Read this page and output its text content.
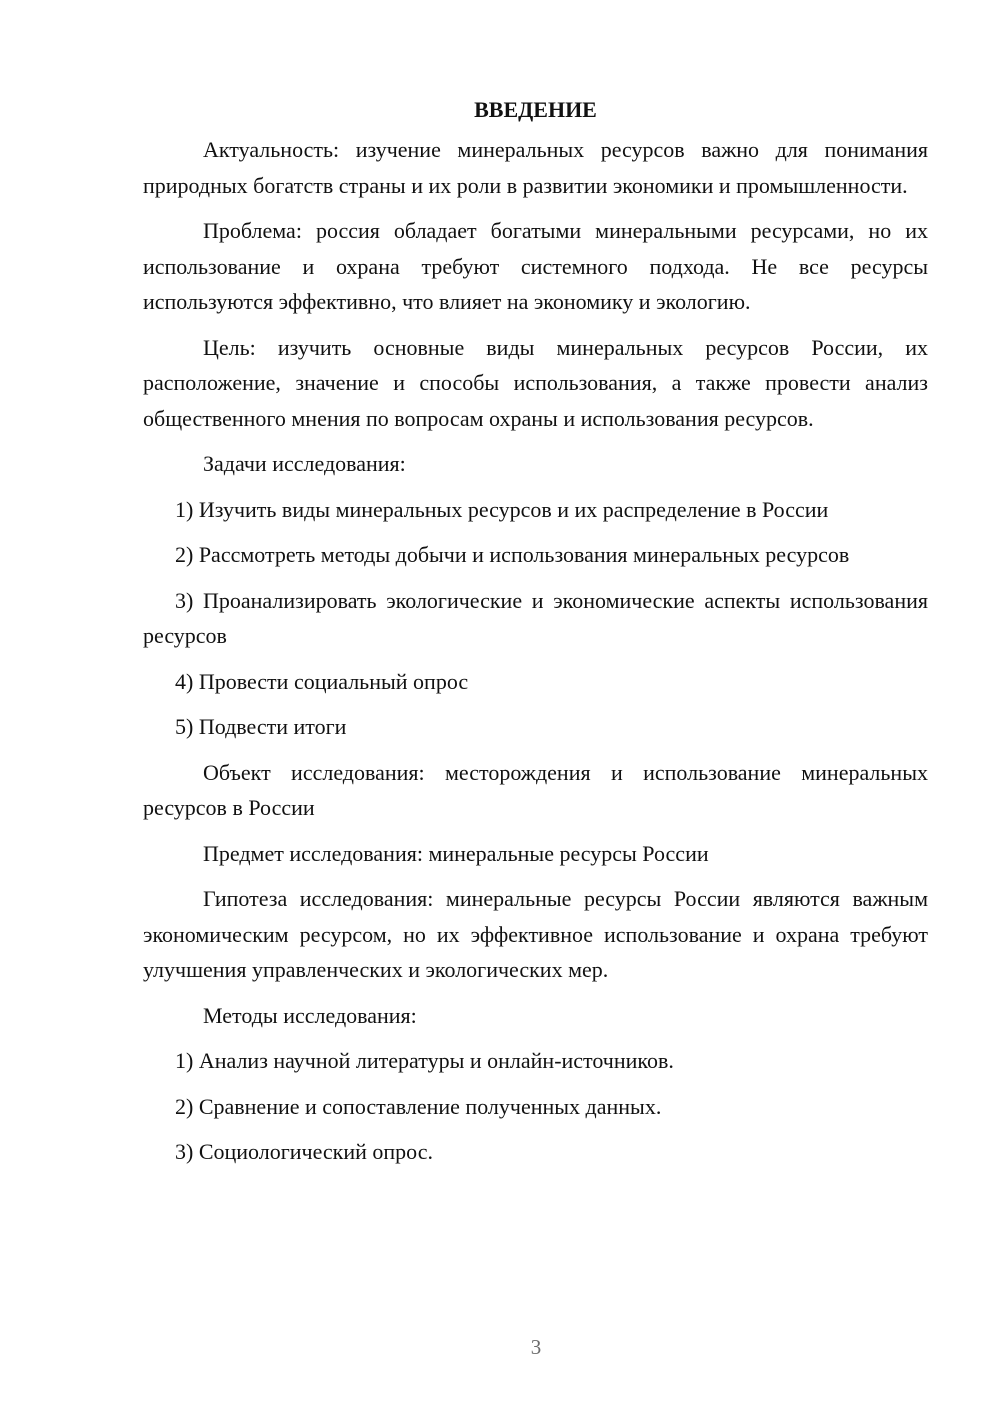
ВВЕДЕНИЕ

Актуальность: изучение минеральных ресурсов важно для понимания природных богатств страны и их роли в развитии экономики и промышленности.

Проблема: россия обладает богатыми минеральными ресурсами, но их использование и охрана требуют системного подхода. Не все ресурсы используются эффективно, что влияет на экономику и экологию.

Цель: изучить основные виды минеральных ресурсов России, их расположение, значение и способы использования, а также провести анализ общественного мнения по вопросам охраны и использования ресурсов.

Задачи исследования:

1) Изучить виды минеральных ресурсов и их распределение в России

2) Рассмотреть методы добычи и использования минеральных ресурсов

3) Проанализировать экологические и экономические аспекты использования ресурсов

4) Провести социальный опрос

5) Подвести итоги

Объект исследования: месторождения и использование минеральных ресурсов в России

Предмет исследования: минеральные ресурсы России

Гипотеза исследования: минеральные ресурсы России являются важным экономическим ресурсом, но их эффективное использование и охрана требуют улучшения управленческих и экологических мер.

Методы исследования:

1) Анализ научной литературы и онлайн-источников.

2) Сравнение и сопоставление полученных данных.

3) Социологический опрос.

3
